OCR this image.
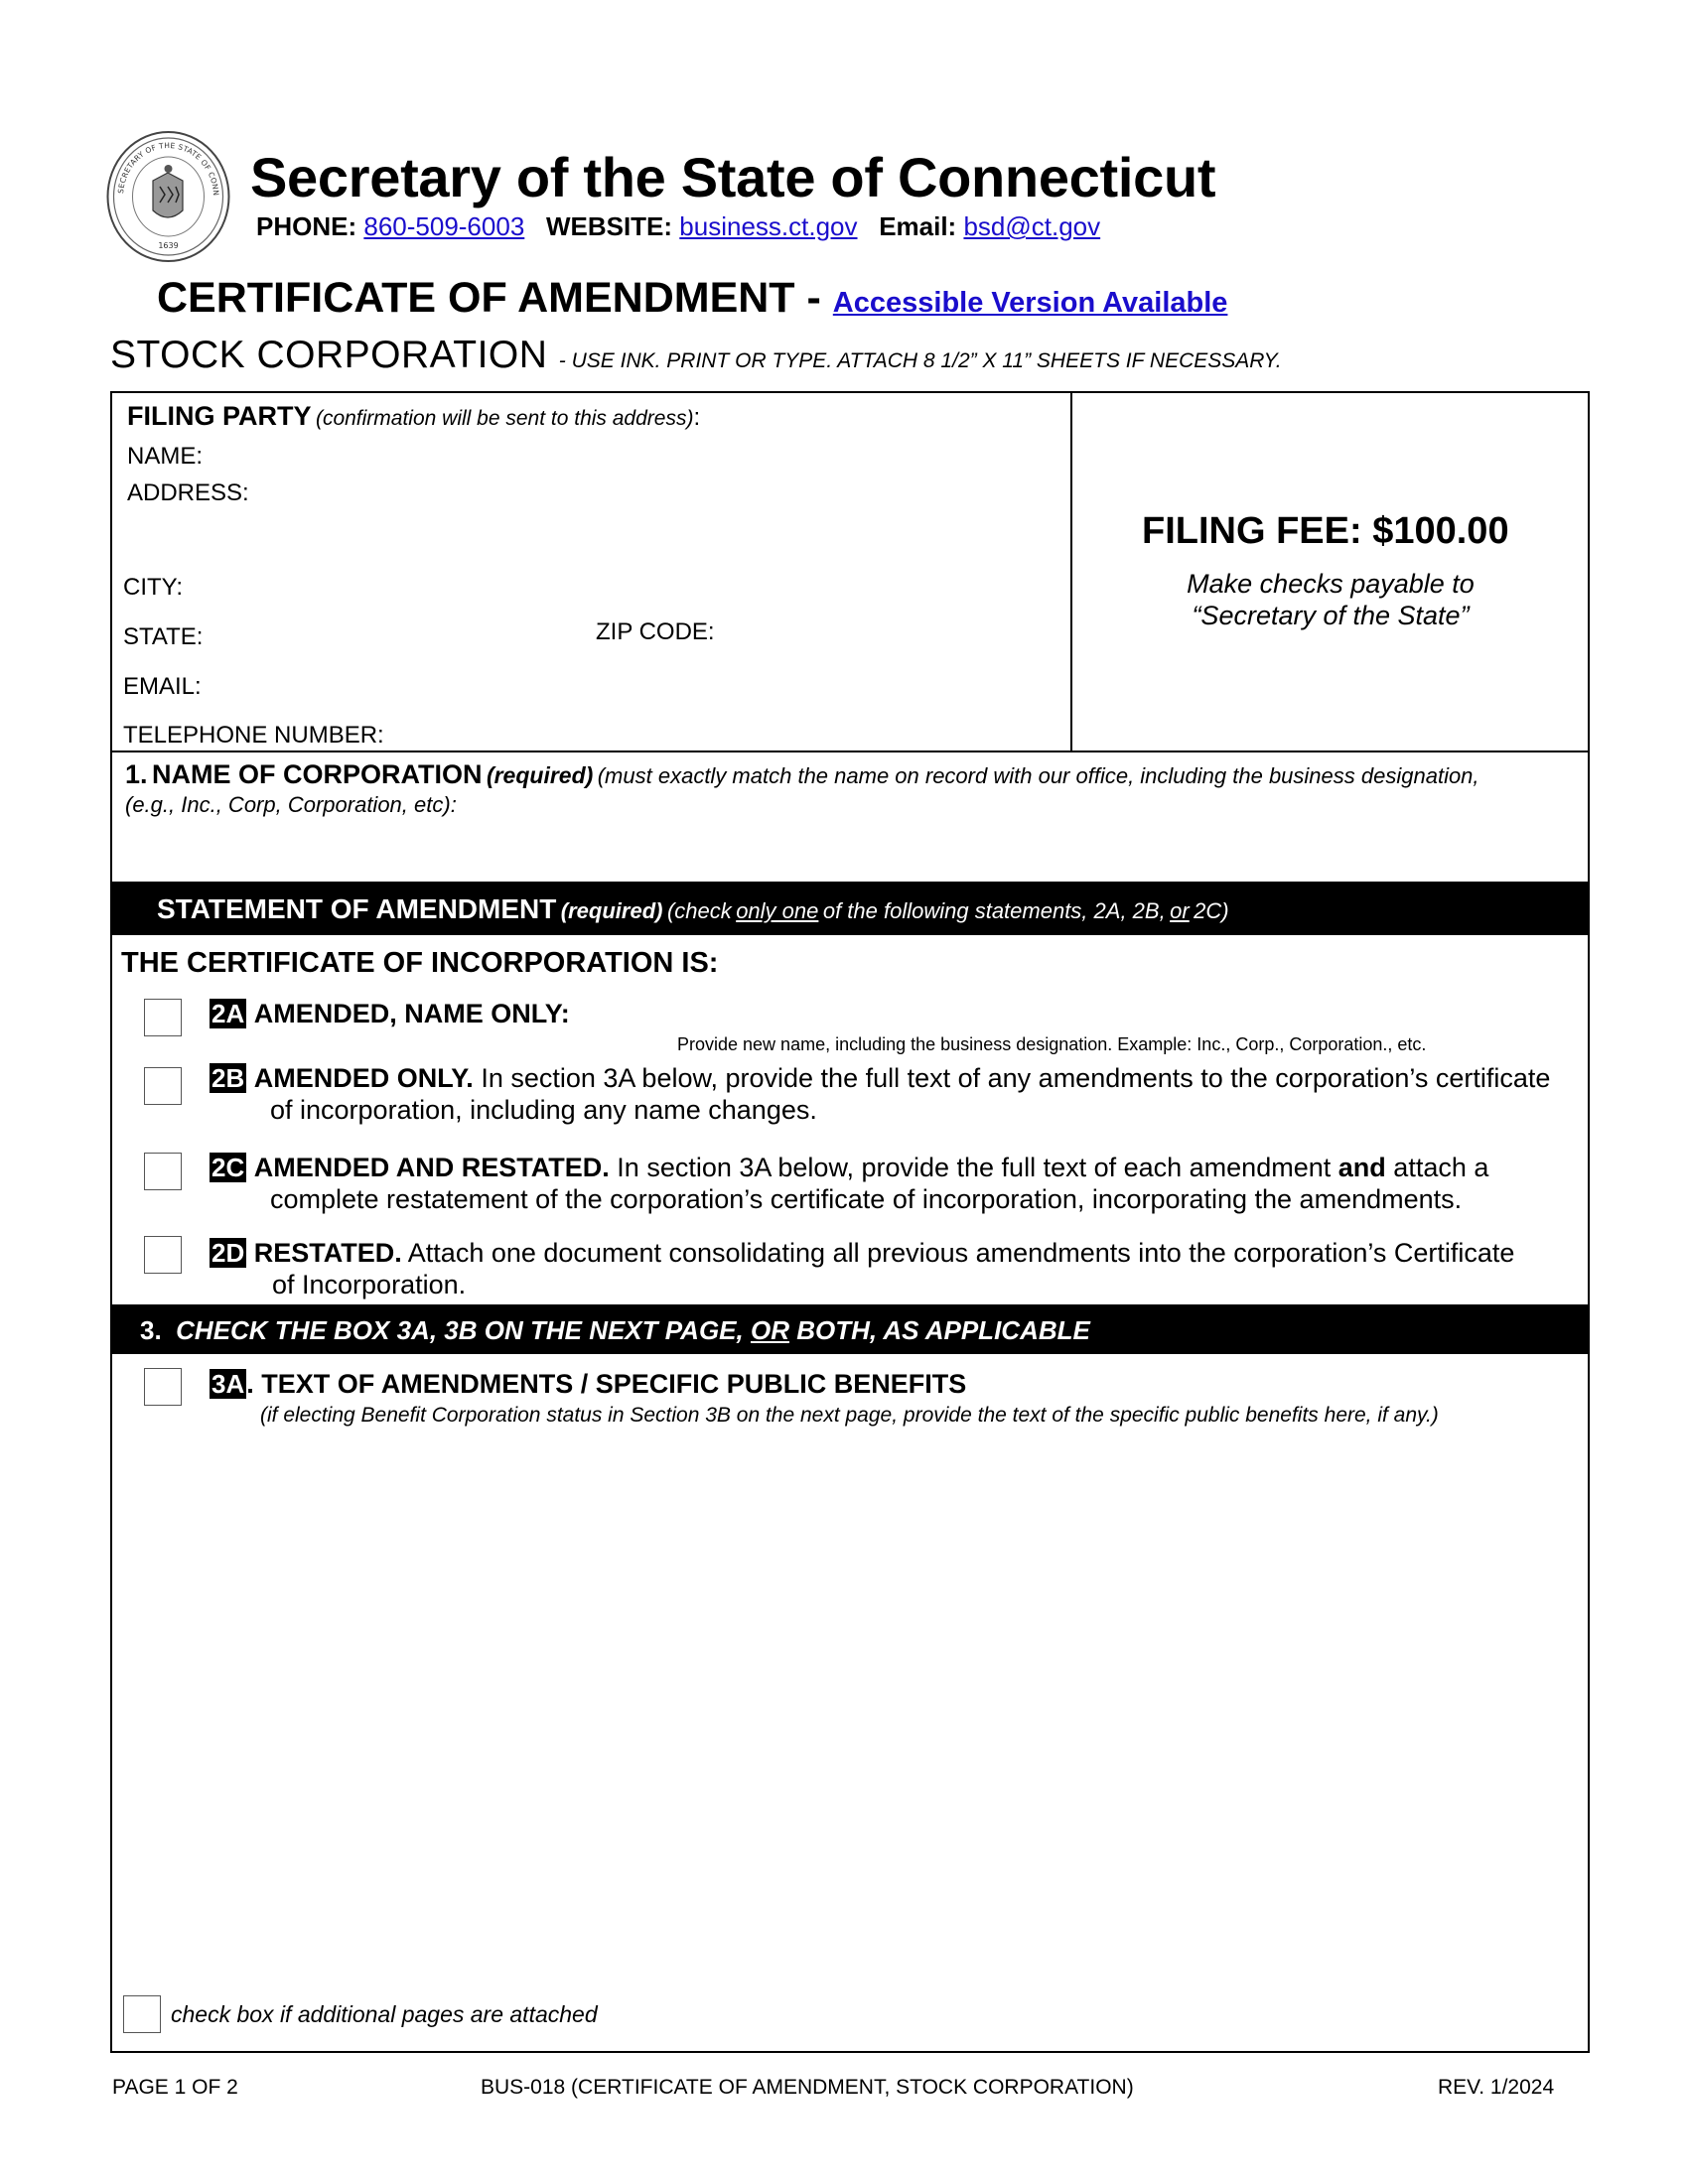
SECRETARY OF THE STATE OF CONN
1639
Secretary of the State of Connecticut
PHONE: 860-509-6003 WEBSITE: business.ct.gov Email: bsd@ct.gov
CERTIFICATE OF AMENDMENT - Accessible Version Available
STOCK CORPORATION - USE INK. PRINT OR TYPE. ATTACH 8 1/2” X 11” SHEETS IF NECESSARY.
FILING PARTY (confirmation will be sent to this address):
NAME:
ADDRESS:
CITY:
STATE:	ZIP CODE:
EMAIL:
TELEPHONE NUMBER:
FILING FEE: $100.00
Make checks payable to
“Secretary of the State”
1. NAME OF CORPORATION (required) (must exactly match the name on record with our office, including the business designation,
(e.g., Inc., Corp, Corporation, etc):
STATEMENT OF AMENDMENT (required) (check only one of the following statements, 2A, 2B, or 2C)
THE CERTIFICATE OF INCORPORATION IS:
2A AMENDED, NAME ONLY:
Provide new name, including the business designation. Example: Inc., Corp., Corporation., etc.
2B AMENDED ONLY. In section 3A below, provide the full text of any amendments to the corporation’s certificate
of incorporation, including any name changes.
2C AMENDED AND RESTATED. In section 3A below, provide the full text of each amendment and attach a
complete restatement of the corporation’s certificate of incorporation, incorporating the amendments.
2D RESTATED. Attach one document consolidating all previous amendments into the corporation’s Certificate
of Incorporation.
3. CHECK THE BOX 3A, 3B ON THE NEXT PAGE, OR BOTH, AS APPLICABLE
3A. TEXT OF AMENDMENTS / SPECIFIC PUBLIC BENEFITS
(if electing Benefit Corporation status in Section 3B on the next page, provide the text of the specific public benefits here, if any.)
check box if additional pages are attached
PAGE 1 OF 2	BUS-018 (CERTIFICATE OF AMENDMENT, STOCK CORPORATION)	REV. 1/2024
